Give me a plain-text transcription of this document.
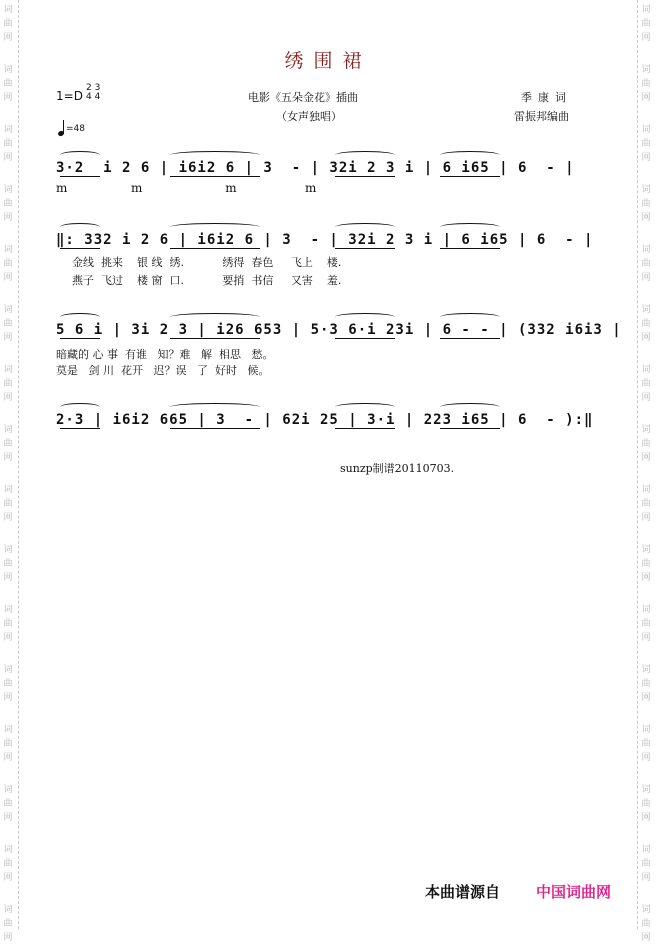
词
曲
网
词
曲
网
词
曲
网
词
曲
网
词
曲
网
词
曲
网
词
曲
网
词
曲
网
词
曲
网
词
曲
网
词
曲
网
词
曲
网
词
曲
网
词
曲
网
词
曲
网
词
曲
网
词
曲
网
词
曲
网
词
曲
网
词
曲
网
词
曲
网
词
曲
网
词
曲
网
词
曲
网
词
曲
网
词
曲
网
词
曲
网
词
曲
网
词
曲
网
词
曲
网
词
曲
网
词
曲
网
绣围裙
1=D
2 3
4 4	电影《五朵金花》插曲
（女声独唱）
季康词
雷振邦编曲
=48
3·2  i 2 6 | i6i2 6 | 3  - | 32i 2 3 i | 6 i65 | 6  - |
m             m                 m              m
‖: 332 i 2 6 | i6i2 6 | 3  - | 32i 2 3 i | 6 i65 | 6  - |
金线  挑来    银 线  绣.           绣得  春色     飞上    楼.
燕子  飞过    楼 窗  口.           要捎  书信     又害    羞.
5 6 i | 3i 2 3 | i26 653 | 5·3 6·i 23i | 6 - - | (332 i6i3 |
暗藏的 心 事  有谁   知？难   解  相思   愁。
莫是   剑 川  花开   迟？误   了  好时   候。
2·3 | i6i2 665 | 3  - | 62i 25 | 3·i | 223 i65 | 6  - ):‖
sunzp制谱20110703.
本曲谱源自 中国词曲网
